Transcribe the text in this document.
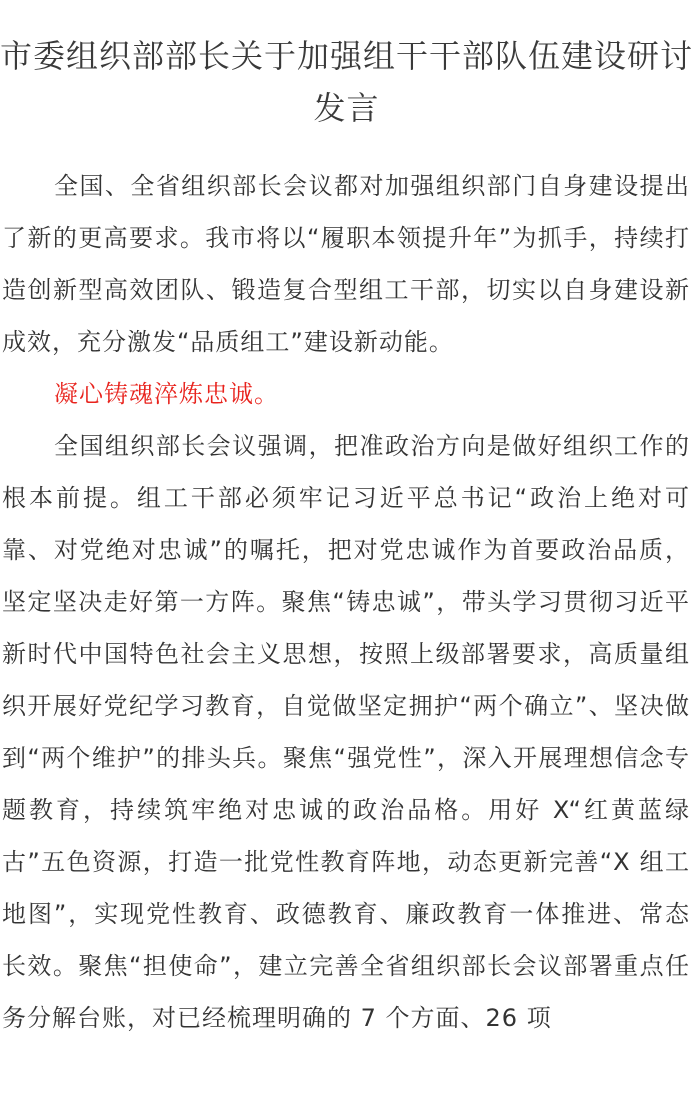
市委组织部部长关于加强组干干部队伍建设研讨发言

全国、全省组织部长会议都对加强组织部门自身建设提出了新的更高要求。我市将以“履职本领提升年”为抓手，持续打造创新型高效团队、锻造复合型组工干部，切实以自身建设新成效，充分激发“品质组工”建设新动能。

凝心铸魂淬炼忠诚。

全国组织部长会议强调，把准政治方向是做好组织工作的根本前提。组工干部必须牢记习近平总书记“政治上绝对可靠、对党绝对忠诚”的嘱托，把对党忠诚作为首要政治品质，坚定坚决走好第一方阵。聚焦“铸忠诚”，带头学习贯彻习近平新时代中国特色社会主义思想，按照上级部署要求，高质量组织开展好党纪学习教育，自觉做坚定拥护“两个确立”、坚决做到“两个维护”的排头兵。聚焦“强党性”，深入开展理想信念专题教育，持续筑牢绝对忠诚的政治品格。用好 X“红黄蓝绿古”五色资源，打造一批党性教育阵地，动态更新完善“X 组工地图”，实现党性教育、政德教育、廉政教育一体推进、常态长效。聚焦“担使命”，建立完善全省组织部长会议部署重点任务分解台账，对已经梳理明确的 7 个方面、26 项
